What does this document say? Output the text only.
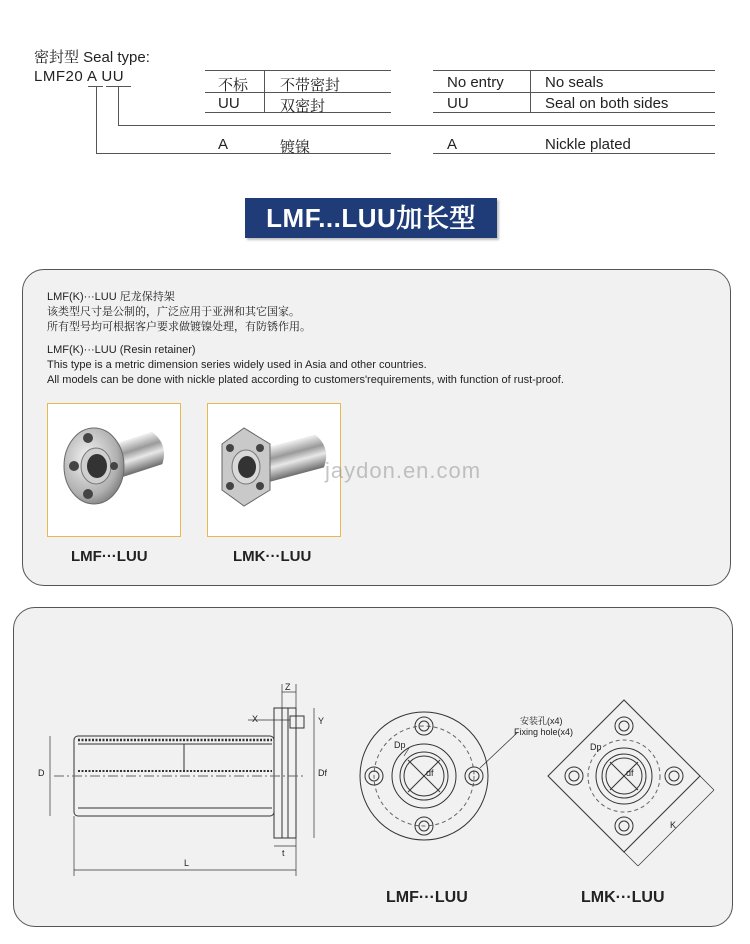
密封型 Seal type:
LMF20 A UU
不标 不带密封
UU	双密封
A	镀镍
No entry	No seals
UU	Seal on both sides
A	Nickle plated
LMF...LUU加长型
LMF(K)···LUU 尼龙保持架
该类型尺寸是公制的，广泛应用于亚洲和其它国家。
所有型号均可根据客户要求做镀镍处理，有防锈作用。
LMF(K)···LUU (Resin retainer)
This type is a metric dimension series widely used in Asia and other countries.
All models can be done with nickle plated according to customers'requirements, with function of rust-proof.
LMF···LUU	LMK···LUU
jaydon.en.com
D	Df
L
t
Z
X	Y
Dp
df
Dp
df
K
安装孔(x4)
Fixing hole(x4)
LMF···LUU	LMK···LUU
